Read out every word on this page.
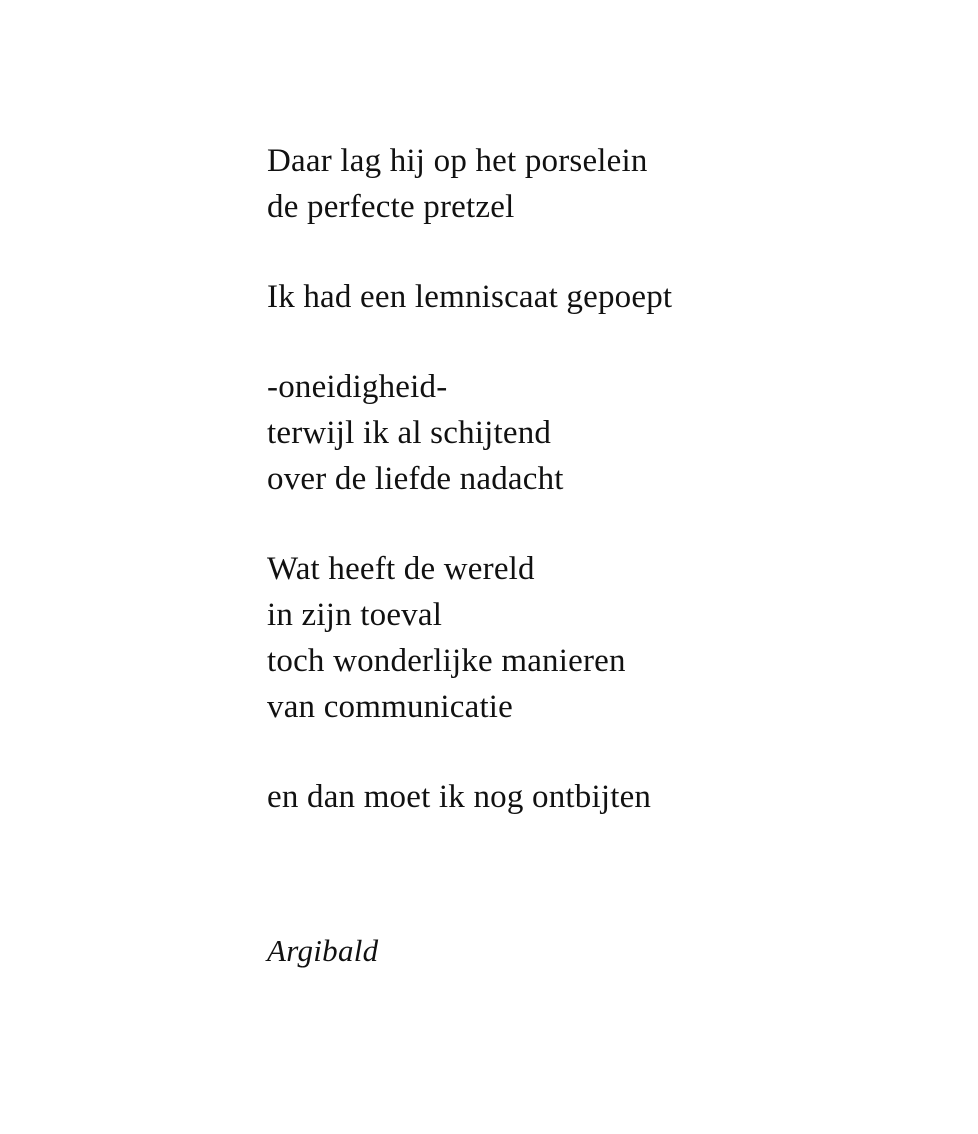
Daar lag hij op het porselein
de perfecte pretzel
Ik had een lemniscaat gepoept
-oneidigheid-
terwijl ik al schijtend
over de liefde nadacht
Wat heeft de wereld
in zijn toeval
toch wonderlijke manieren
van communicatie
en dan moet ik nog ontbijten
Argibald
